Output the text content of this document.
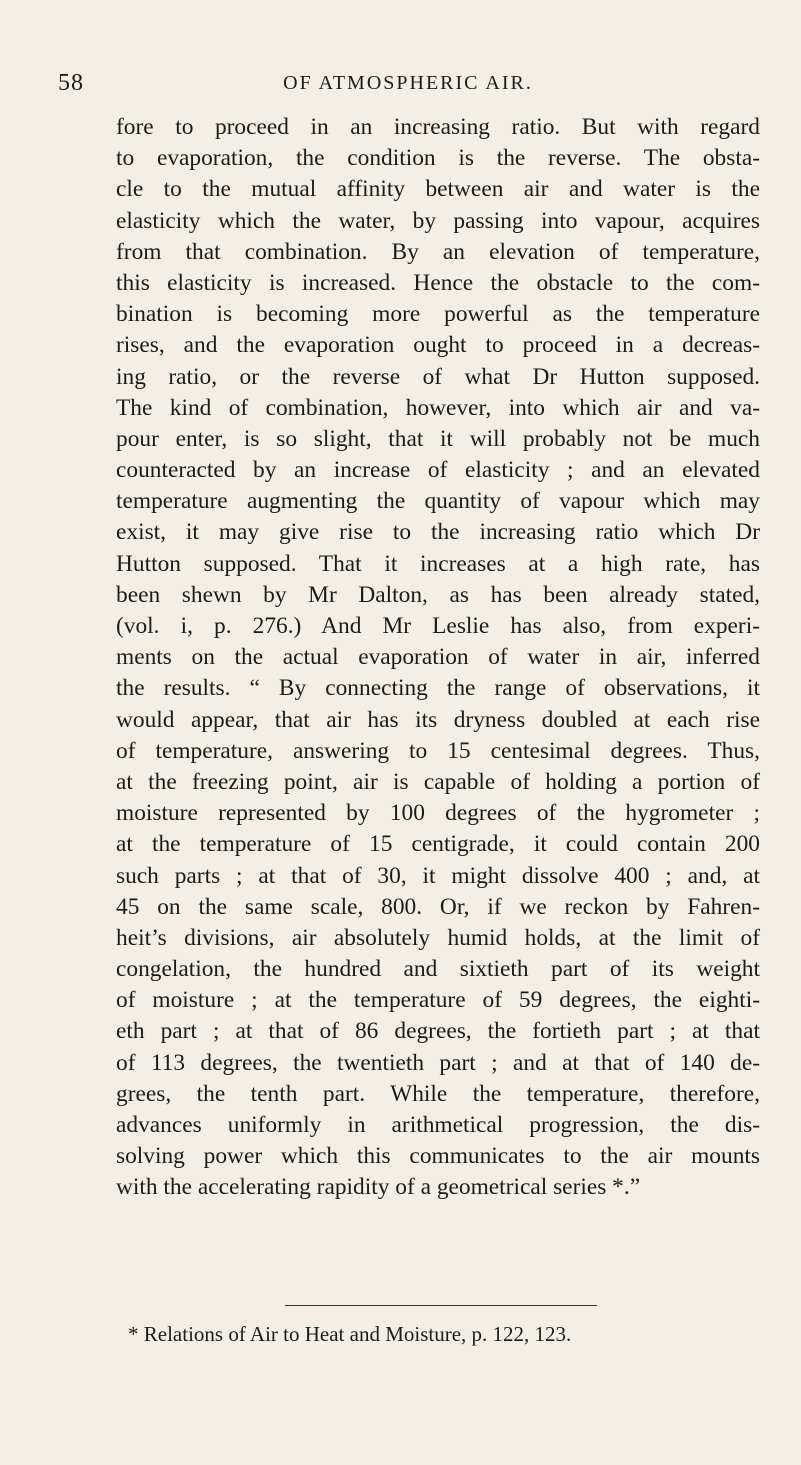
58	OF ATMOSPHERIC AIR.
fore to proceed in an increasing ratio. But with regard
to evaporation, the condition is the reverse. The obsta-
cle to the mutual affinity between air and water is the
elasticity which the water, by passing into vapour, acquires
from that combination. By an elevation of temperature,
this elasticity is increased. Hence the obstacle to the com-
bination is becoming more powerful as the temperature
rises, and the evaporation ought to proceed in a decreas-
ing ratio, or the reverse of what Dr Hutton supposed.
The kind of combination, however, into which air and va-
pour enter, is so slight, that it will probably not be much
counteracted by an increase of elasticity ; and an elevated
temperature augmenting the quantity of vapour which may
exist, it may give rise to the increasing ratio which Dr
Hutton supposed. That it increases at a high rate, has
been shewn by Mr Dalton, as has been already stated,
(vol. i, p. 276.) And Mr Leslie has also, from experi-
ments on the actual evaporation of water in air, inferred
the results. “ By connecting the range of observations, it
would appear, that air has its dryness doubled at each rise
of temperature, answering to 15 centesimal degrees. Thus,
at the freezing point, air is capable of holding a portion of
moisture represented by 100 degrees of the hygrometer ;
at the temperature of 15 centigrade, it could contain 200
such parts ; at that of 30, it might dissolve 400 ; and, at
45 on the same scale, 800. Or, if we reckon by Fahren-
heit’s divisions, air absolutely humid holds, at the limit of
congelation, the hundred and sixtieth part of its weight
of moisture ; at the temperature of 59 degrees, the eighti-
eth part ; at that of 86 degrees, the fortieth part ; at that
of 113 degrees, the twentieth part ; and at that of 140 de-
grees, the tenth part. While the temperature, therefore,
advances uniformly in arithmetical progression, the dis-
solving power which this communicates to the air mounts
with the accelerating rapidity of a geometrical series *.”
* Relations of Air to Heat and Moisture, p. 122, 123.
